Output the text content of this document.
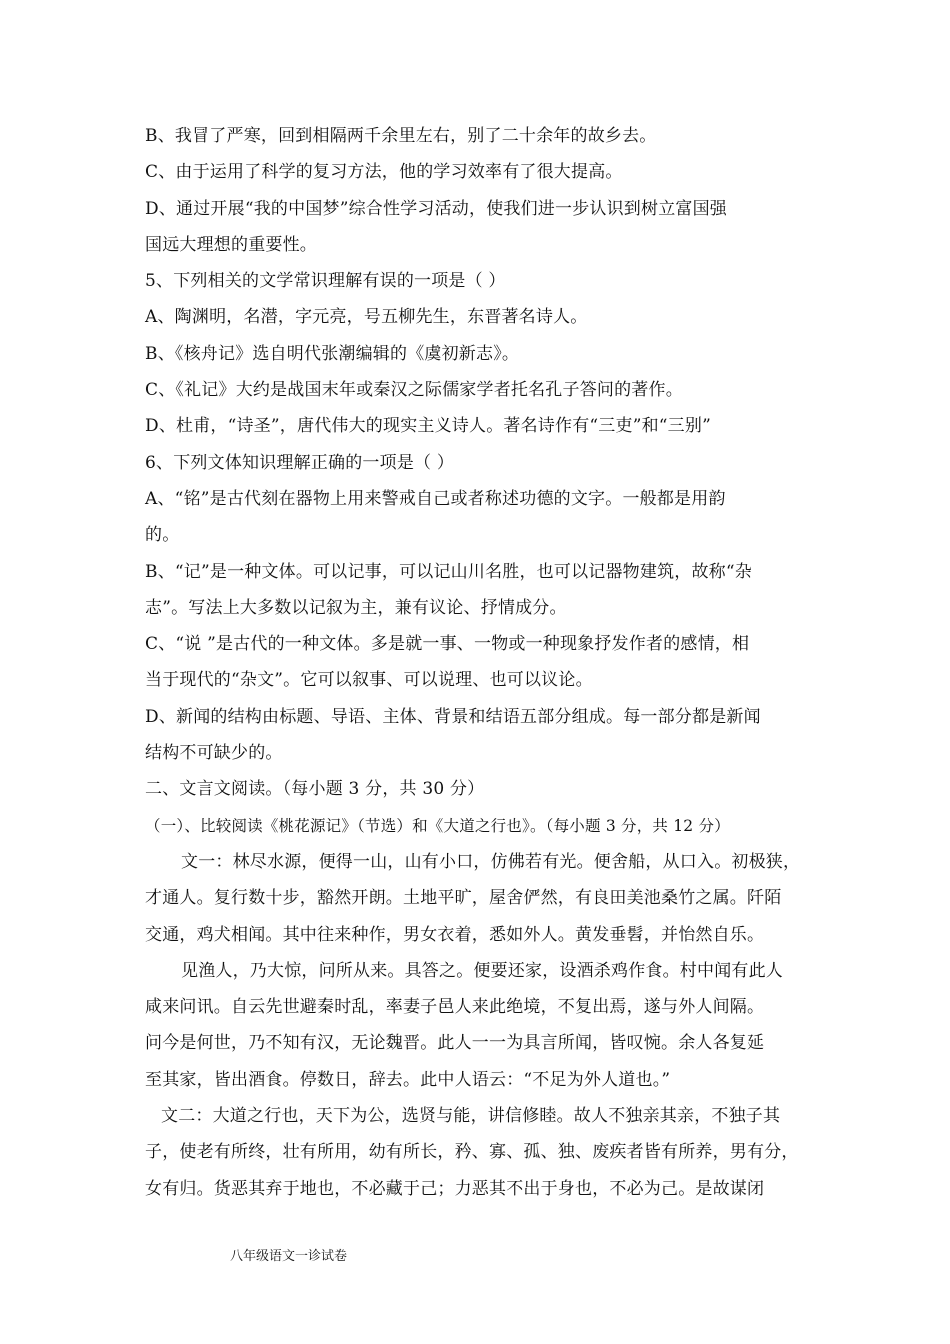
B、我冒了严寒，回到相隔两千余里左右，别了二十余年的故乡去。
C、由于运用了科学的复习方法，他的学习效率有了很大提高。
D、通过开展“我的中国梦”综合性学习活动，使我们进一步认识到树立富国强
国远大理想的重要性。
5、下列相关的文学常识理解有误的一项是（ ）
A、陶渊明，名潜，字元亮，号五柳先生，东晋著名诗人。
B、《核舟记》选自明代张潮编辑的《虞初新志》。
C、《礼记》大约是战国末年或秦汉之际儒家学者托名孔子答问的著作。
D、杜甫，“诗圣”，唐代伟大的现实主义诗人。著名诗作有“三吏”和“三别”
6、下列文体知识理解正确的一项是（ ）
A、“铭”是古代刻在器物上用来警戒自己或者称述功德的文字。一般都是用韵
的。
B、“记”是一种文体。可以记事，可以记山川名胜，也可以记器物建筑，故称“杂
志”。写法上大多数以记叙为主，兼有议论、抒情成分。
C、“说 ”是古代的一种文体。多是就一事、一物或一种现象抒发作者的感情，相
当于现代的“杂文”。它可以叙事、可以说理、也可以议论。
D、新闻的结构由标题、导语、主体、背景和结语五部分组成。每一部分都是新闻
结构不可缺少的。
二、文言文阅读。（每小题 3 分，共 30 分）
（一）、比较阅读《桃花源记》（节选）和《大道之行也》。（每小题 3 分，共 12 分）
文一：林尽水源，便得一山，山有小口，仿佛若有光。便舍船，从口入。初极狭，
才通人。复行数十步，豁然开朗。土地平旷，屋舍俨然，有良田美池桑竹之属。阡陌
交通，鸡犬相闻。其中往来种作，男女衣着，悉如外人。黄发垂髫，并怡然自乐。
见渔人，乃大惊，问所从来。具答之。便要还家，设酒杀鸡作食。村中闻有此人
咸来问讯。自云先世避秦时乱，率妻子邑人来此绝境，不复出焉，遂与外人间隔。
问今是何世，乃不知有汉，无论魏晋。此人一一为具言所闻，皆叹惋。余人各复延
至其家，皆出酒食。停数日，辞去。此中人语云：“不足为外人道也。”
文二：大道之行也，天下为公，选贤与能，讲信修睦。故人不独亲其亲，不独子其
子，使老有所终，壮有所用，幼有所长，矜、寡、孤、独、废疾者皆有所养，男有分，
女有归。货恶其弃于地也，不必藏于己；力恶其不出于身也，不必为己。是故谋闭
八年级语文一诊试卷
